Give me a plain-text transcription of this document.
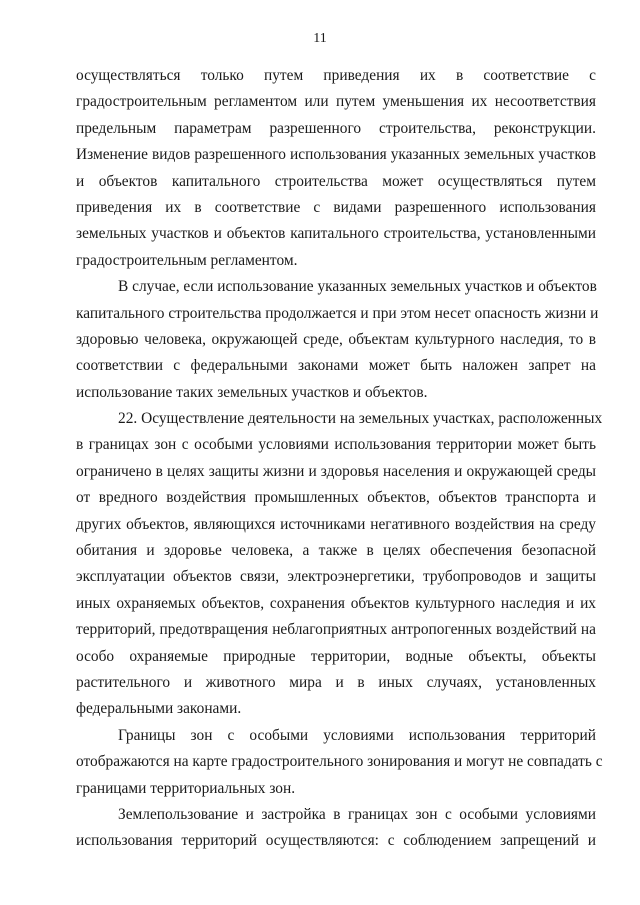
11
осуществляться только путем приведения их в соответствие с
градостроительным регламентом или путем уменьшения их несоответствия
предельным параметрам разрешенного строительства, реконструкции.
Изменение видов разрешенного использования указанных земельных участков
и объектов капитального строительства может осуществляться путем
приведения их в соответствие с видами разрешенного использования
земельных участков и объектов капитального строительства, установленными
градостроительным регламентом.
В случае, если использование указанных земельных участков и объектов
капитального строительства продолжается и при этом несет опасность жизни и
здоровью человека, окружающей среде, объектам культурного наследия, то в
соответствии с федеральными законами может быть наложен запрет на
использование таких земельных участков и объектов.
22. Осуществление деятельности на земельных участках, расположенных
в границах зон с особыми условиями использования территории может быть
ограничено в целях защиты жизни и здоровья населения и окружающей среды
от вредного воздействия промышленных объектов, объектов транспорта и
других объектов, являющихся источниками негативного воздействия на среду
обитания и здоровье человека, а также в целях обеспечения безопасной
эксплуатации объектов связи, электроэнергетики, трубопроводов и защиты
иных охраняемых объектов, сохранения объектов культурного наследия и их
территорий, предотвращения неблагоприятных антропогенных воздействий на
особо охраняемые природные территории, водные объекты, объекты
растительного и животного мира и в иных случаях, установленных
федеральными законами.
Границы зон с особыми условиями использования территорий
отображаются на карте градостроительного зонирования и могут не совпадать с
границами территориальных зон.
Землепользование и застройка в границах зон с особыми условиями
использования территорий осуществляются: с соблюдением запрещений и
